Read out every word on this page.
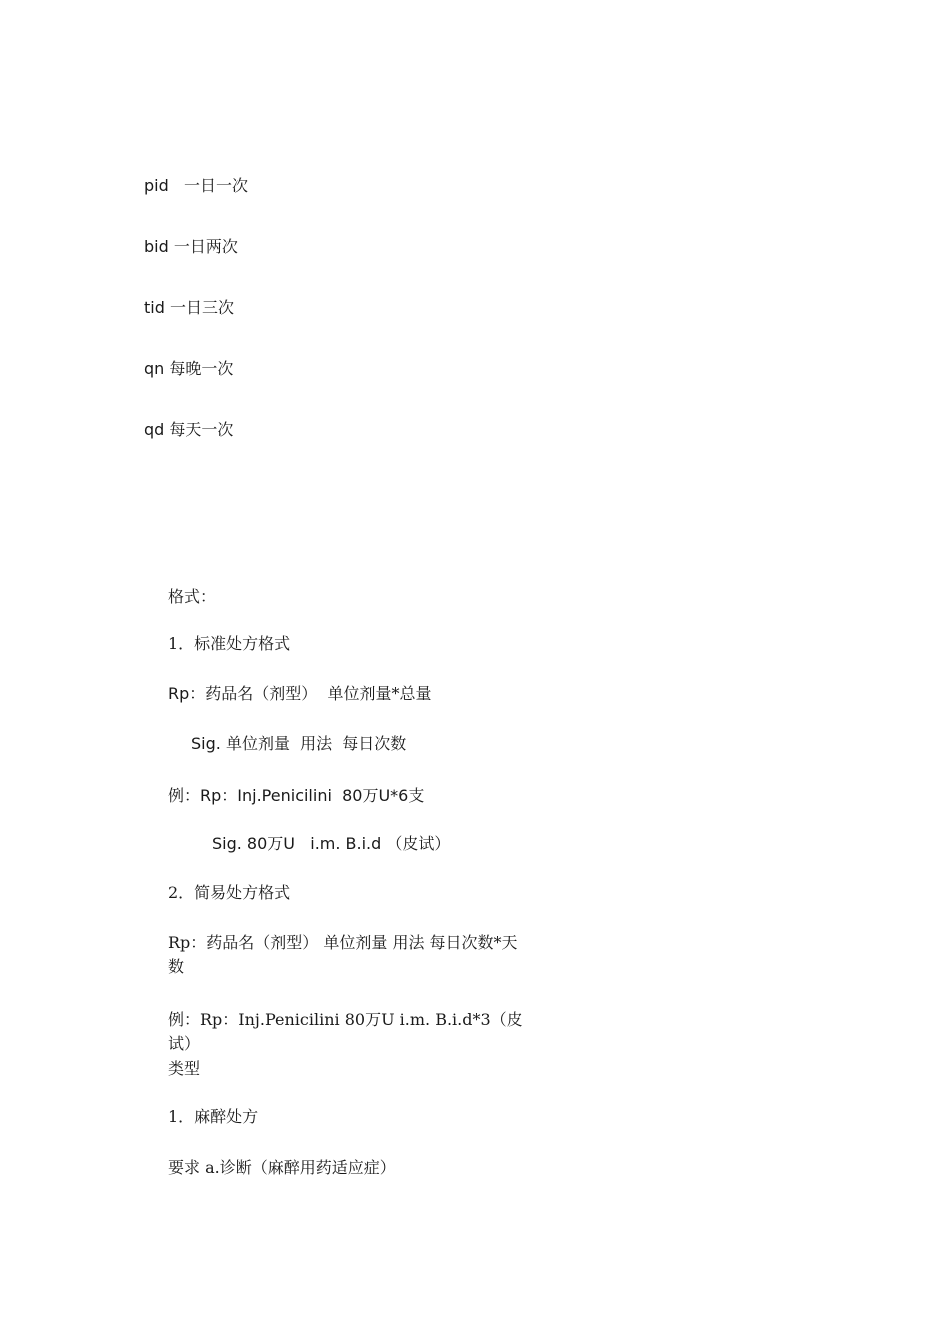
pid 一日一次
bid 一日两次
tid 一日三次
qn 每晚一次
qd 每天一次
格式：
1．标准处方格式
Rp：药品名（剂型）  单位剂量*总量
Sig. 单位剂量  用法  每日次数
例：Rp：Inj.Penicilini  80万U*6支
Sig. 80万U   i.m. B.i.d （皮试）
2．简易处方格式
Rp：药品名（剂型） 单位剂量 用法 每日次数*天数
例：Rp：Inj.Penicilini 80万U i.m. B.i.d*3（皮试）
类型
1．麻醉处方
要求 a.诊断（麻醉用药适应症）
